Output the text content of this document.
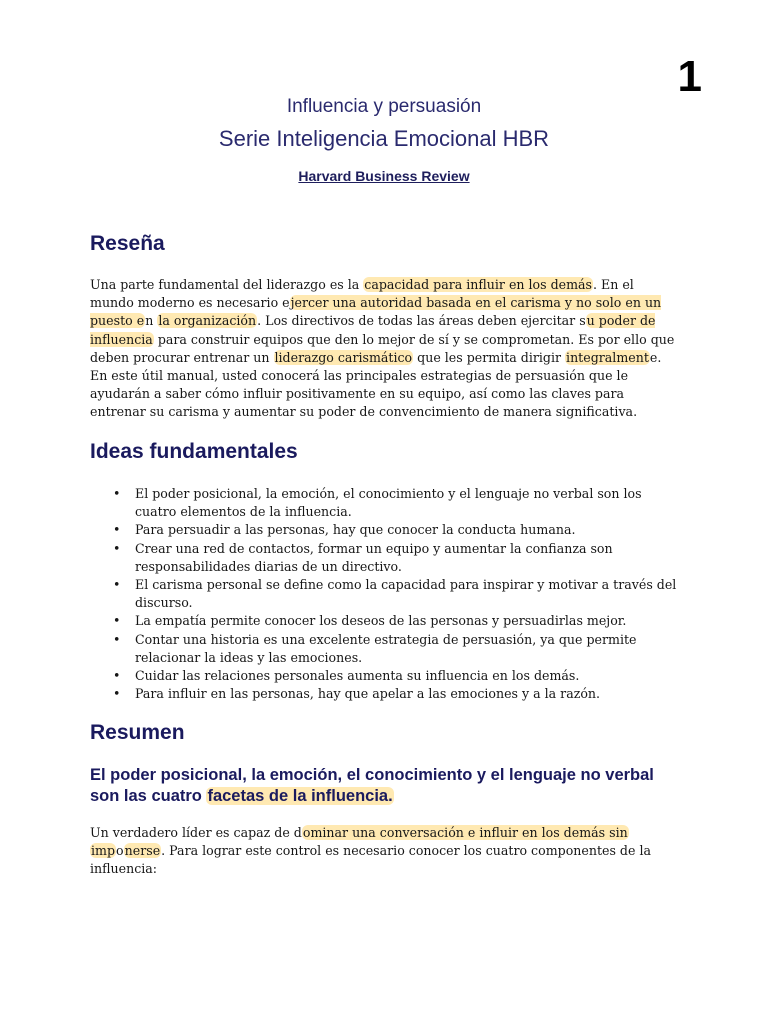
1
Influencia y persuasión
Serie Inteligencia Emocional HBR
Harvard Business Review
Reseña

Una parte fundamental del liderazgo es la capacidad para influir en los demás. En el mundo moderno es necesario ejercer una autoridad basada en el carisma y no solo en un puesto en la organización. Los directivos de todas las áreas deben ejercitar su poder de influencia para construir equipos que den lo mejor de sí y se comprometan. Es por ello que deben procurar entrenar un liderazgo carismático que les permita dirigir integralmente. En este útil manual, usted conocerá las principales estrategias de persuasión que le ayudarán a saber cómo influir positivamente en su equipo, así como las claves para entrenar su carisma y aumentar su poder de convencimiento de manera significativa.

Ideas fundamentales
• El poder posicional, la emoción, el conocimiento y el lenguaje no verbal son los cuatro elementos de la influencia.
• Para persuadir a las personas, hay que conocer la conducta humana.
• Crear una red de contactos, formar un equipo y aumentar la confianza son responsabilidades diarias de un directivo.
• El carisma personal se define como la capacidad para inspirar y motivar a través del discurso.
• La empatía permite conocer los deseos de las personas y persuadirlas mejor.
• Contar una historia es una excelente estrategia de persuasión, ya que permite relacionar la ideas y las emociones.
• Cuidar las relaciones personales aumenta su influencia en los demás.
• Para influir en las personas, hay que apelar a las emociones y a la razón.
Resumen
El poder posicional, la emoción, el conocimiento y el lenguaje no verbal son las cuatro facetas de la influencia.

Un verdadero líder es capaz de dominar una conversación e influir en los demás sin imponerse. Para lograr este control es necesario conocer los cuatro componentes de la influencia:
